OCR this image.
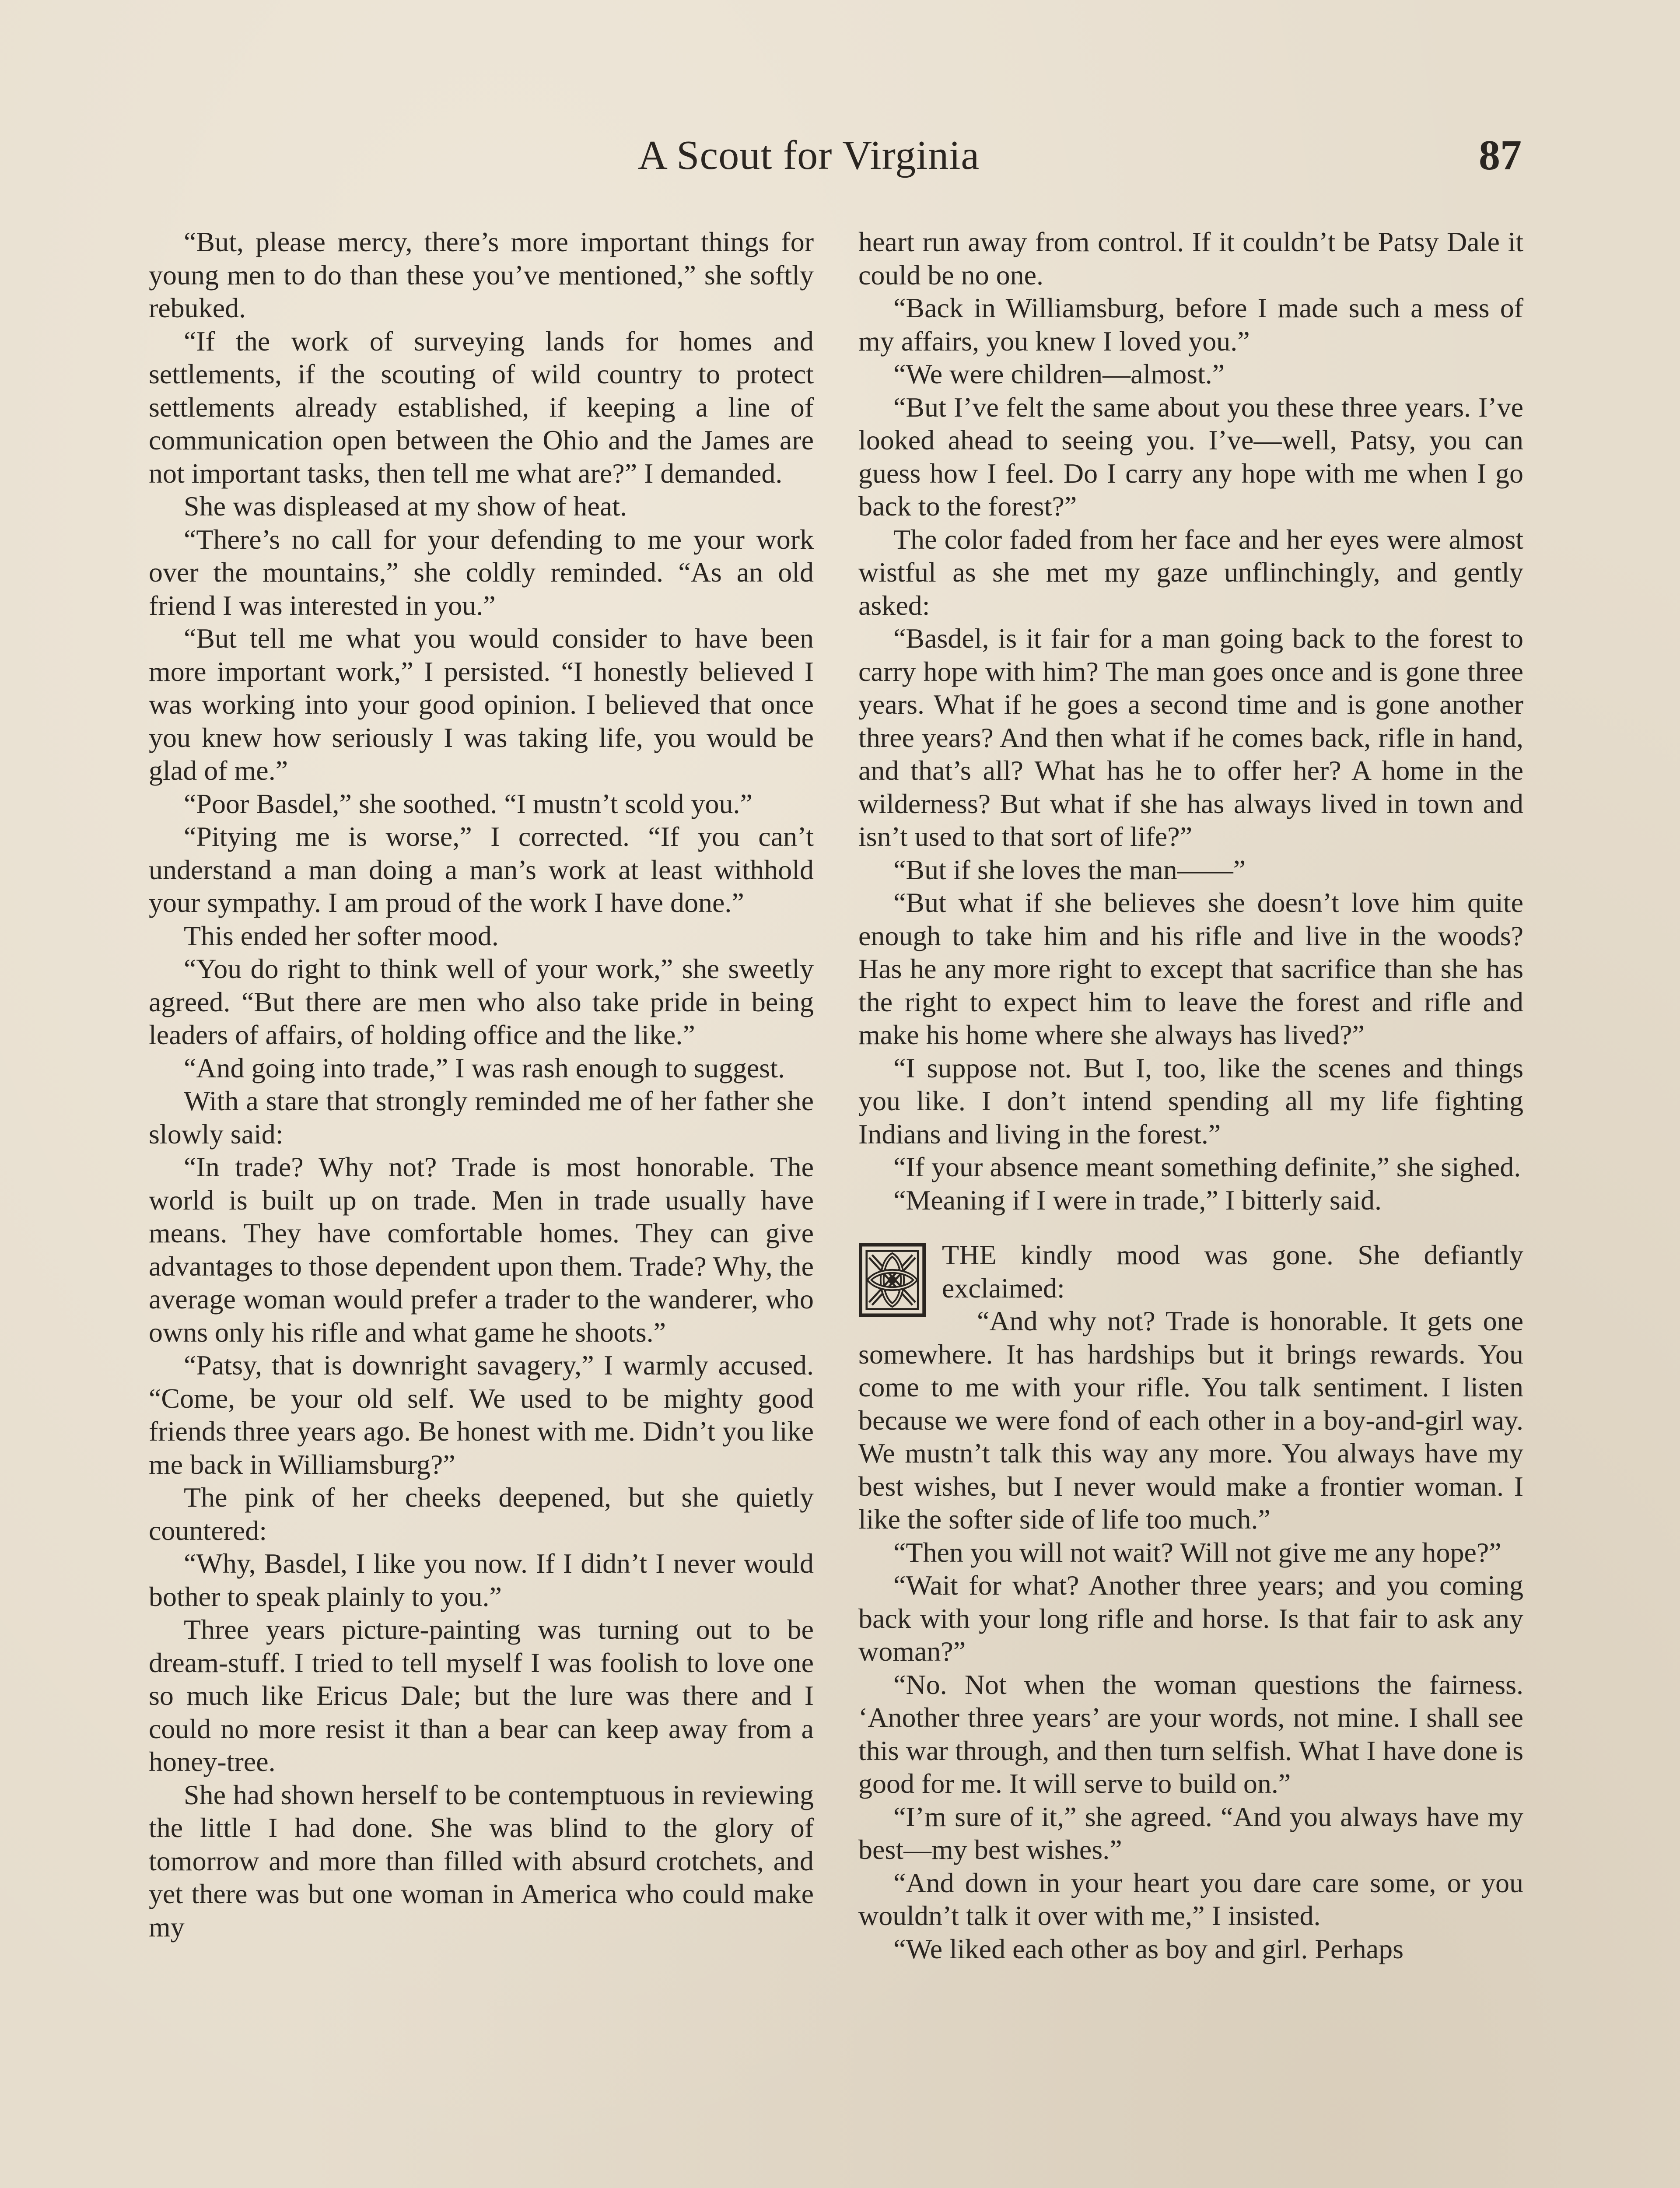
A Scout for Virginia	87

“But, please mercy, there’s more important things for young men to do than these you’ve mentioned,” she softly rebuked.

“If the work of surveying lands for homes and settlements, if the scouting of wild country to protect settlements already established, if keeping a line of communication open between the Ohio and the James are not important tasks, then tell me what are?” I demanded.

She was displeased at my show of heat.

“There’s no call for your defending to me your work over the mountains,” she coldly reminded. “As an old friend I was interested in you.”

“But tell me what you would consider to have been more important work,” I persisted. “I honestly believed I was working into your good opinion. I believed that once you knew how seriously I was taking life, you would be glad of me.”

“Poor Basdel,” she soothed. “I mustn’t scold you.”

“Pitying me is worse,” I corrected. “If you can’t understand a man doing a man’s work at least withhold your sympathy. I am proud of the work I have done.”

This ended her softer mood.

“You do right to think well of your work,” she sweetly agreed. “But there are men who also take pride in being leaders of affairs, of holding office and the like.”

“And going into trade,” I was rash enough to suggest.

With a stare that strongly reminded me of her father she slowly said:

“In trade? Why not? Trade is most honorable. The world is built up on trade. Men in trade usually have means. They have comfortable homes. They can give advantages to those dependent upon them. Trade? Why, the average woman would prefer a trader to the wanderer, who owns only his rifle and what game he shoots.”

“Patsy, that is downright savagery,” I warmly accused. “Come, be your old self. We used to be mighty good friends three years ago. Be honest with me. Didn’t you like me back in Williamsburg?”

The pink of her cheeks deepened, but she quietly countered:

“Why, Basdel, I like you now. If I didn’t I never would bother to speak plainly to you.”

Three years picture-painting was turning out to be dream-stuff. I tried to tell myself I was foolish to love one so much like Ericus Dale; but the lure was there and I could no more resist it than a bear can keep away from a honey-tree.

She had shown herself to be contemptuous in reviewing the little I had done. She was blind to the glory of tomorrow and more than filled with absurd crotchets, and yet there was but one woman in America who could make my

heart run away from control. If it couldn’t be Patsy Dale it could be no one.

“Back in Williamsburg, before I made such a mess of my affairs, you knew I loved you.”

“We were children—almost.”

“But I’ve felt the same about you these three years. I’ve looked ahead to seeing you. I’ve—well, Patsy, you can guess how I feel. Do I carry any hope with me when I go back to the forest?”

The color faded from her face and her eyes were almost wistful as she met my gaze unflinchingly, and gently asked:

“Basdel, is it fair for a man going back to the forest to carry hope with him? The man goes once and is gone three years. What if he goes a second time and is gone another three years? And then what if he comes back, rifle in hand, and that’s all? What has he to offer her? A home in the wilderness? But what if she has always lived in town and isn’t used to that sort of life?”

“But if she loves the man——”

“But what if she believes she doesn’t love him quite enough to take him and his rifle and live in the woods? Has he any more right to except that sacrifice than she has the right to expect him to leave the forest and rifle and make his home where she always has lived?”

“I suppose not. But I, too, like the scenes and things you like. I don’t intend spending all my life fighting Indians and living in the forest.”

“If your absence meant something definite,” she sighed.

“Meaning if I were in trade,” I bitterly said.

THE kindly mood was gone. She defiantly exclaimed:

“And why not? Trade is honorable. It gets one somewhere. It has hardships but it brings rewards. You come to me with your rifle. You talk sentiment. I listen because we were fond of each other in a boy-and-girl way. We mustn’t talk this way any more. You always have my best wishes, but I never would make a frontier woman. I like the softer side of life too much.”

“Then you will not wait? Will not give me any hope?”

“Wait for what? Another three years; and you coming back with your long rifle and horse. Is that fair to ask any woman?”

“No. Not when the woman questions the fairness. ‘Another three years’ are your words, not mine. I shall see this war through, and then turn selfish. What I have done is good for me. It will serve to build on.”

“I’m sure of it,” she agreed. “And you always have my best—my best wishes.”

“And down in your heart you dare care some, or you wouldn’t talk it over with me,” I insisted.

“We liked each other as boy and girl. Perhaps
